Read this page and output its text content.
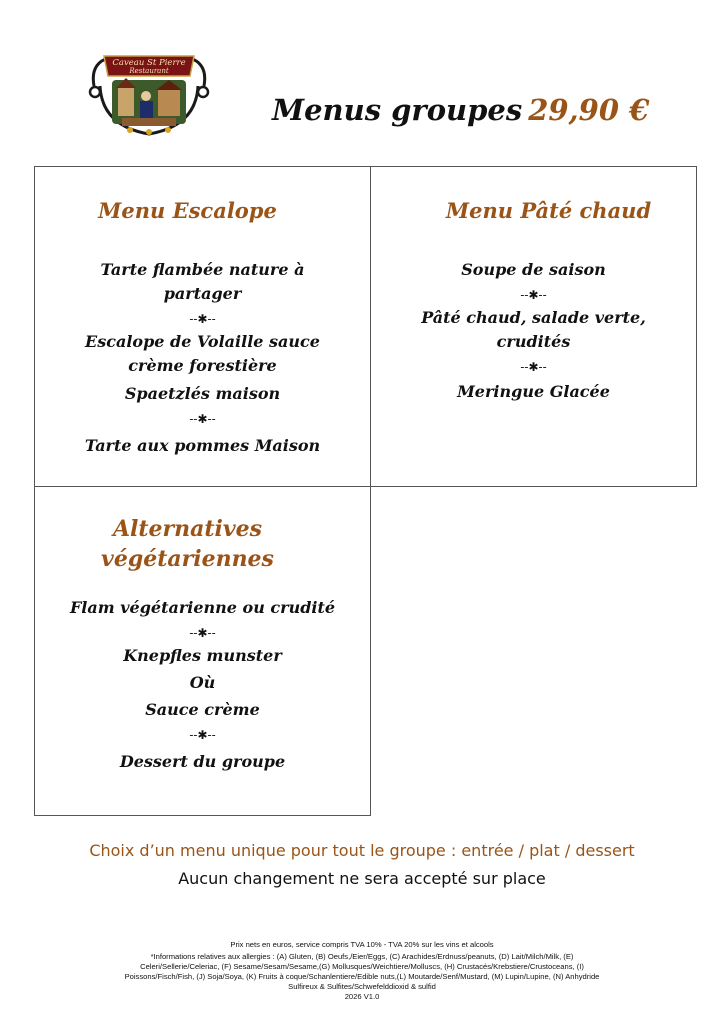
Caveau St Pierre
Restaurant
Menus groupes 29,90 €

Menu Escalope

Tarte flambée nature à partager

--✱--

Escalope de Volaille sauce crème forestière

Spaetzlés maison

--✱--

Tarte aux pommes Maison

Menu Pâté chaud

Soupe de saison

--✱--

Pâté chaud, salade verte, crudités

--✱--

Meringue Glacée

Alternatives

végétariennes

Flam végétarienne ou crudité

--✱--

Knepfles munster

Où

Sauce crème

--✱--

Dessert du groupe

Choix d’un menu unique pour tout le groupe : entrée / plat / dessert
Aucun changement ne sera accepté sur place
Prix nets en euros, service compris TVA 10% - TVA 20% sur les vins et alcools
*Informations relatives aux allergies : (A) Gluten, (B) Oeufs,/Eier/Eggs, (C) Arachides/Erdnuss/peanuts, (D) Lait/Milch/Milk, (E) Celeri/Sellerie/Celeriac, (F) Sesame/Sesam/Sesame,(G) Mollusques/Weichtiere/Molluscs, (H) Crustacés/Krebstiere/Crustoceans, (I) Poissons/Fisch/Fish, (J) Soja/Soya, (K) Fruits à coque/Schanlentiere/Edible nuts,(L) Moutarde/Senf/Mustard, (M) Lupin/Lupine, (N) Anhydride Sulfireux & Sulfites/Schwefelddioxid & sulfid
2026 V1.0
